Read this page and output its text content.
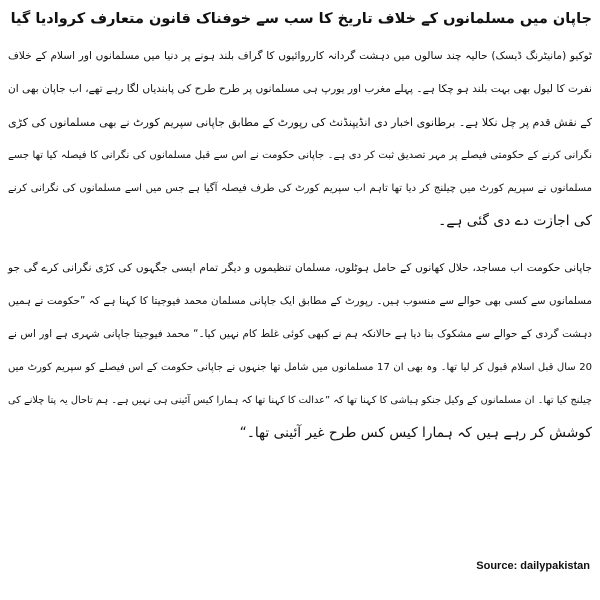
جاپان میں مسلمانوں کے خلاف تاریخ کا سب سے خوفناک قانون متعارف کروادیا گیا

ٹوکیو (مانیٹرنگ ڈیسک) حالیہ چند سالوں میں دہشت گردانہ کارروائیوں کا گراف بلند ہونے پر دنیا میں مسلمانوں اور اسلام کے خلاف
نفرت کا لیول بھی بہت بلند ہو چکا ہے۔ پہلے مغرب اور یورپ ہی مسلمانوں پر طرح طرح کی پابندیاں لگا رہے تھے، اب جاپان بھی ان
کے نقش قدم پر چل نکلا ہے۔ برطانوی اخبار دی انڈیپنڈنٹ کی رپورٹ کے مطابق جاپانی سپریم کورٹ نے بھی مسلمانوں کی کڑی
نگرانی کرنے کے حکومتی فیصلے پر مہر تصدیق ثبت کر دی ہے۔ جاپانی حکومت نے اس سے قبل مسلمانوں کی نگرانی کا فیصلہ کیا تھا جسے
مسلمانوں نے سپریم کورٹ میں چیلنج کر دیا تھا تاہم اب سپریم کورٹ کی طرف فیصلہ آگیا ہے جس میں اسے مسلمانوں کی نگرانی کرنے
کی اجازت دے دی گئی ہے۔

جاپانی حکومت اب مساجد، حلال کھانوں کے حامل ہوٹلوں، مسلمان تنظیموں و دیگر تمام ایسی جگہوں کی کڑی نگرانی کرے گی جو
مسلمانوں سے کسی بھی حوالے سے منسوب ہیں۔ رپورٹ کے مطابق ایک جاپانی مسلمان محمد فیوجیتا کا کہنا ہے کہ ”حکومت نے ہمیں
دہشت گردی کے حوالے سے مشکوک بنا دیا ہے حالانکہ ہم نے کبھی کوئی غلط کام نہیں کیا۔“ محمد فیوجیتا جاپانی شہری ہے اور اس نے
20 سال قبل اسلام قبول کر لیا تھا۔ وہ بھی ان 17 مسلمانوں میں شامل تھا جنہوں نے جاپانی حکومت کے اس فیصلے کو سپریم کورٹ میں
چیلنج کیا تھا۔ ان مسلمانوں کے وکیل جنکو ہیاشی کا کہنا تھا کہ ”عدالت کا کہنا تھا کہ ہمارا کیس آئینی ہی نہیں ہے۔ ہم تاحال یہ پتا چلانے کی
کوشش کر رہے ہیں کہ ہمارا کیس کس طرح غیر آئینی تھا۔“

Source: dailypakistan
